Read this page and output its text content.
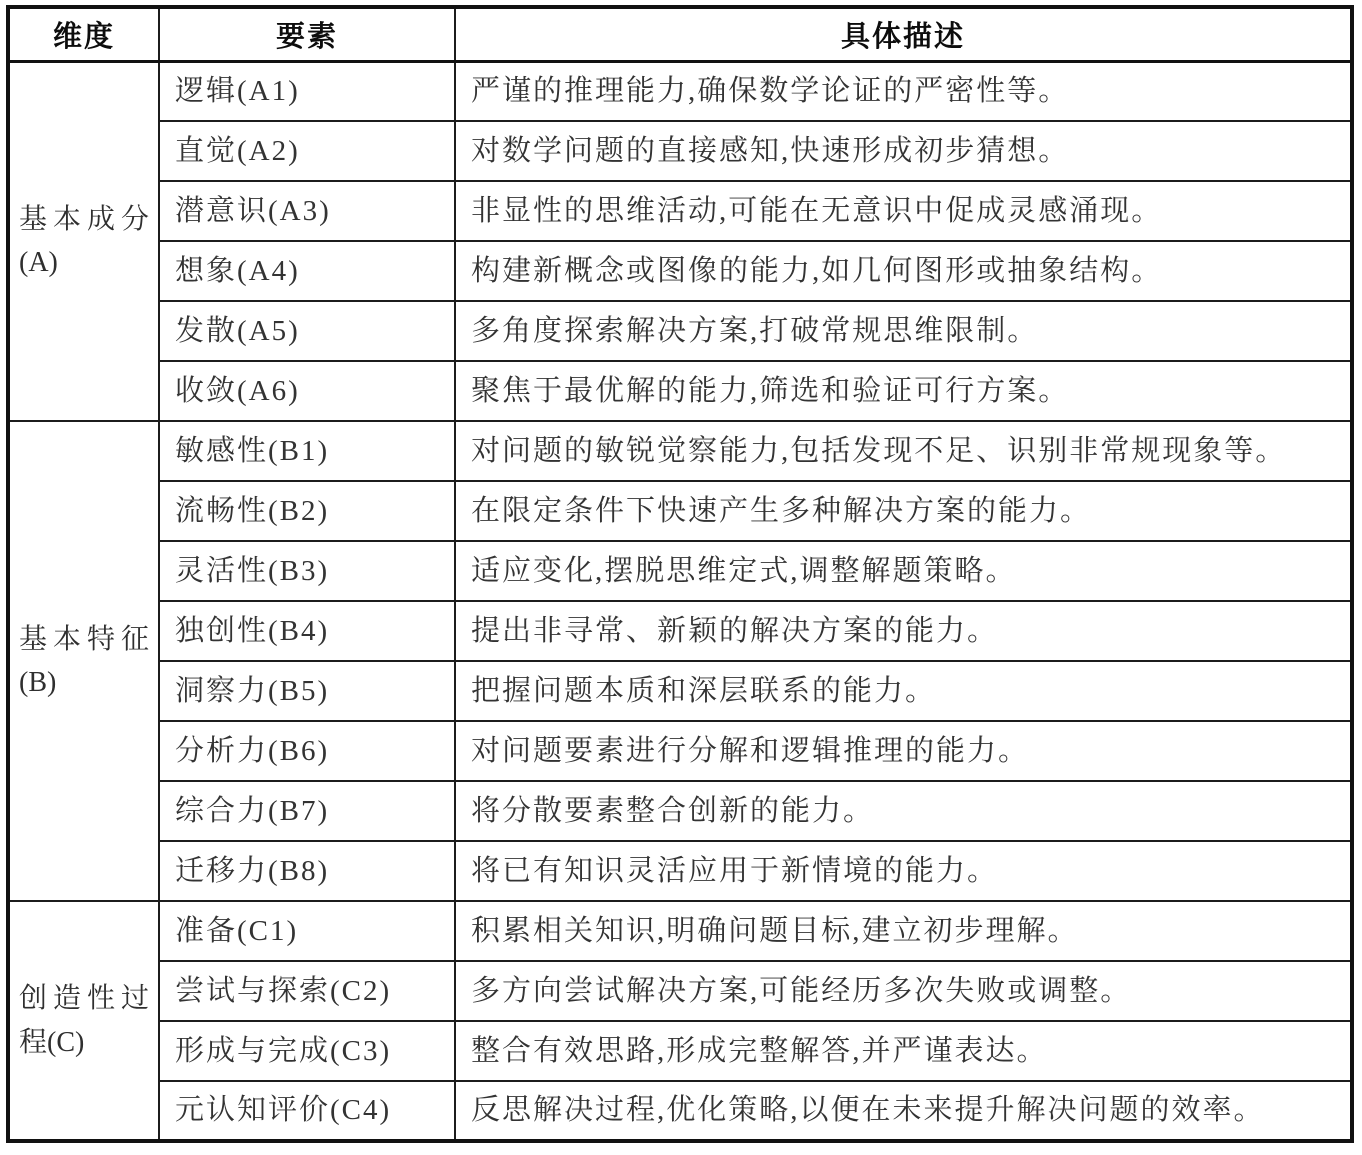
维度	要素	具体描述

基本成分
(A)	逻辑(A1)	严谨的推理能力,确保数学论证的严密性等。
	直觉(A2)	对数学问题的直接感知,快速形成初步猜想。
	潜意识(A3)	非显性的思维活动,可能在无意识中促成灵感涌现。
	想象(A4)	构建新概念或图像的能力,如几何图形或抽象结构。
	发散(A5)	多角度探索解决方案,打破常规思维限制。
	收敛(A6)	聚焦于最优解的能力,筛选和验证可行方案。

基本特征
(B)	敏感性(B1)	对问题的敏锐觉察能力,包括发现不足、识别非常规现象等。
	流畅性(B2)	在限定条件下快速产生多种解决方案的能力。
	灵活性(B3)	适应变化,摆脱思维定式,调整解题策略。
	独创性(B4)	提出非寻常、新颖的解决方案的能力。
	洞察力(B5)	把握问题本质和深层联系的能力。
	分析力(B6)	对问题要素进行分解和逻辑推理的能力。
	综合力(B7)	将分散要素整合创新的能力。
	迁移力(B8)	将已有知识灵活应用于新情境的能力。

创造性过
程(C)	准备(C1)	积累相关知识,明确问题目标,建立初步理解。
	尝试与探索(C2)	多方向尝试解决方案,可能经历多次失败或调整。
	形成与完成(C3)	整合有效思路,形成完整解答,并严谨表达。
	元认知评价(C4)	反思解决过程,优化策略,以便在未来提升解决问题的效率。
